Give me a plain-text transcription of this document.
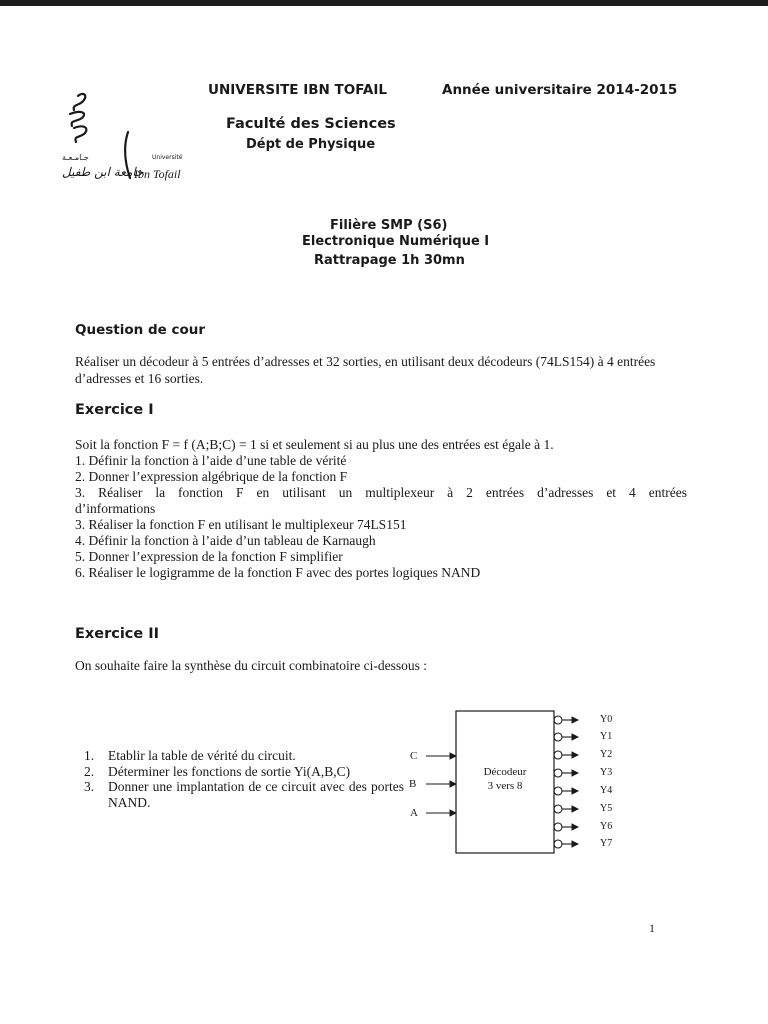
جـامـعـة
جامعة ابن طفيل
Université
Ibn Tofail
UNIVERSITE IBN TOFAIL	Année universitaire 2014-2015
Faculté des Sciences
Dépt de Physique
Filière SMP (S6)
Electronique Numérique I
Rattrapage 1h 30mn
Question de cour
Réaliser un décodeur à 5 entrées d’adresses et 32 sorties, en utilisant deux décodeurs (74LS154) à 4 entrées d’adresses et 16 sorties.
Exercice I
Soit la fonction F = f (A;B;C) = 1 si et seulement si au plus une des entrées est égale à 1.
1. Définir la fonction à l’aide d’une table de vérité
2. Donner l’expression algébrique de la fonction F
3. Réaliser la fonction F en utilisant un multiplexeur à 2 entrées d’adresses et 4 entrées
d’informations
3. Réaliser la fonction F en utilisant le multiplexeur 74LS151
4. Définir la fonction à l’aide d’un tableau de Karnaugh
5. Donner l’expression de la fonction F simplifier
6. Réaliser le logigramme de la fonction F avec des portes logiques NAND
Exercice II
On souhaite faire la synthèse du circuit combinatoire ci-dessous :
1. Etablir la table de vérité du circuit.
2. Déterminer les fonctions de sortie Yi(A,B,C)
3. Donner une implantation de ce circuit avec des portes NAND.
Décodeur
3 vers 8
C
B
A
Y0
Y1
Y2
Y3
Y4
Y5
Y6
Y7
1
